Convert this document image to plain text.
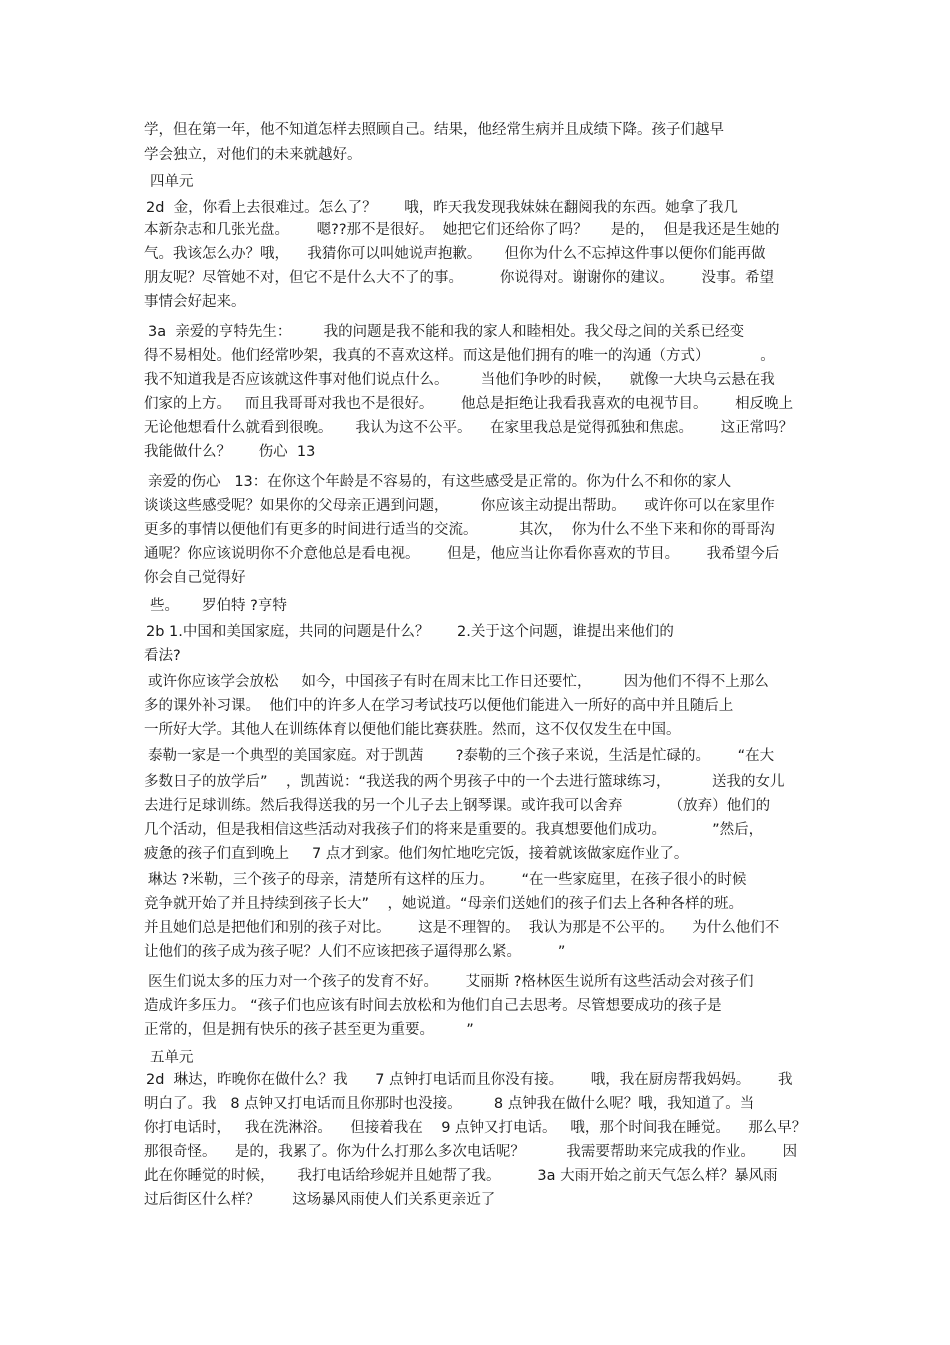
学，但在第一年，他不知道怎样去照顾自己。结果，他经常生病并且成绩下降。孩子们越早

学会独立，对他们的未来就越好。

四单元

2d  金，你看上去很难过。怎么了？      哦，昨天我发现我妹妹在翻阅我的东西。她拿了我几

本新杂志和几张光盘。      嗯??那不是很好。  她把它们还给你了吗？     是的，  但是我还是生她的

气。我该怎么办？哦，    我猜你可以叫她说声抱歉。     但你为什么不忘掉这件事以便你们能再做

朋友呢？尽管她不对，但它不是什么大不了的事。        你说得对。谢谢你的建议。      没事。希望

事情会好起来。

3a  亲爱的亨特先生：       我的问题是我不能和我的家人和睦相处。我父母之间的关系已经变

得不易相处。他们经常吵架，我真的不喜欢这样。而这是他们拥有的唯一的沟通（方式）           。

我不知道我是否应该就这件事对他们说点什么。       当他们争吵的时候，    就像一大块乌云悬在我

们家的上方。   而且我哥哥对我也不是很好。      他总是拒绝让我看我喜欢的电视节目。      相反晚上

无论他想看什么就看到很晚。     我认为这不公平。    在家里我总是觉得孤独和焦虑。      这正常吗？

我能做什么？      伤心  13

亲爱的伤心   13：在你这个年龄是不容易的，有这些感受是正常的。你为什么不和你的家人

谈谈这些感受呢？如果你的父母亲正遇到问题，       你应该主动提出帮助。    或许你可以在家里作

更多的事情以便他们有更多的时间进行适当的交流。         其次，  你为什么不坐下来和你的哥哥沟

通呢？你应该说明你不介意他总是看电视。      但是，他应当让你看你喜欢的节目。      我希望今后

你会自己觉得好

些。     罗伯特 ?亨特

2b 1.中国和美国家庭，共同的问题是什么？      2.关于这个问题，谁提出来他们的

看法?

或许你应该学会放松     如今，中国孩子有时在周末比工作日还要忙，       因为他们不得不上那么

多的课外补习课。  他们中的许多人在学习考试技巧以便他们能进入一所好的高中并且随后上

一所好大学。其他人在训练体育以便他们能比赛获胜。然而，这不仅仅发生在中国。

泰勒一家是一个典型的美国家庭。对于凯茜       ?泰勒的三个孩子来说，生活是忙碌的。      “在大

多数日子的放学后”    ，凯茜说：“我送我的两个男孩子中的一个去进行篮球练习，         送我的女儿

去进行足球训练。然后我得送我的另一个儿子去上钢琴课。或许我可以舍弃          （放弃）他们的

几个活动，但是我相信这些活动对我孩子们的将来是重要的。我真想要他们成功。          ”然后，

疲惫的孩子们直到晚上     7 点才到家。他们匆忙地吃完饭，接着就该做家庭作业了。

琳达 ?米勒，三个孩子的母亲，清楚所有这样的压力。      “在一些家庭里，在孩子很小的时候

竞争就开始了并且持续到孩子长大”    ，她说道。“母亲们送她们的孩子们去上各种各样的班。

并且她们总是把他们和别的孩子对比。      这是不理智的。  我认为那是不公平的。    为什么他们不

让他们的孩子成为孩子呢？人们不应该把孩子逼得那么紧。        ”

医生们说太多的压力对一个孩子的发育不好。      艾丽斯 ?格林医生说所有这些活动会对孩子们

造成许多压力。 “孩子们也应该有时间去放松和为他们自己去思考。尽管想要成功的孩子是

正常的，但是拥有快乐的孩子甚至更为重要。       ”

五单元

2d  琳达，昨晚你在做什么？我      7 点钟打电话而且你没有接。      哦，我在厨房帮我妈妈。      我

明白了。我   8 点钟又打电话而且你那时也没接。       8 点钟我在做什么呢？哦，我知道了。当

你打电话时，   我在洗淋浴。    但接着我在    9 点钟又打电话。   哦，那个时间我在睡觉。    那么早？

那很奇怪。    是的，我累了。你为什么打那么多次电话呢？         我需要帮助来完成我的作业。      因

此在你睡觉的时候，     我打电话给珍妮并且她帮了我。        3a 大雨开始之前天气怎么样？暴风雨

过后街区什么样？       这场暴风雨使人们关系更亲近了
